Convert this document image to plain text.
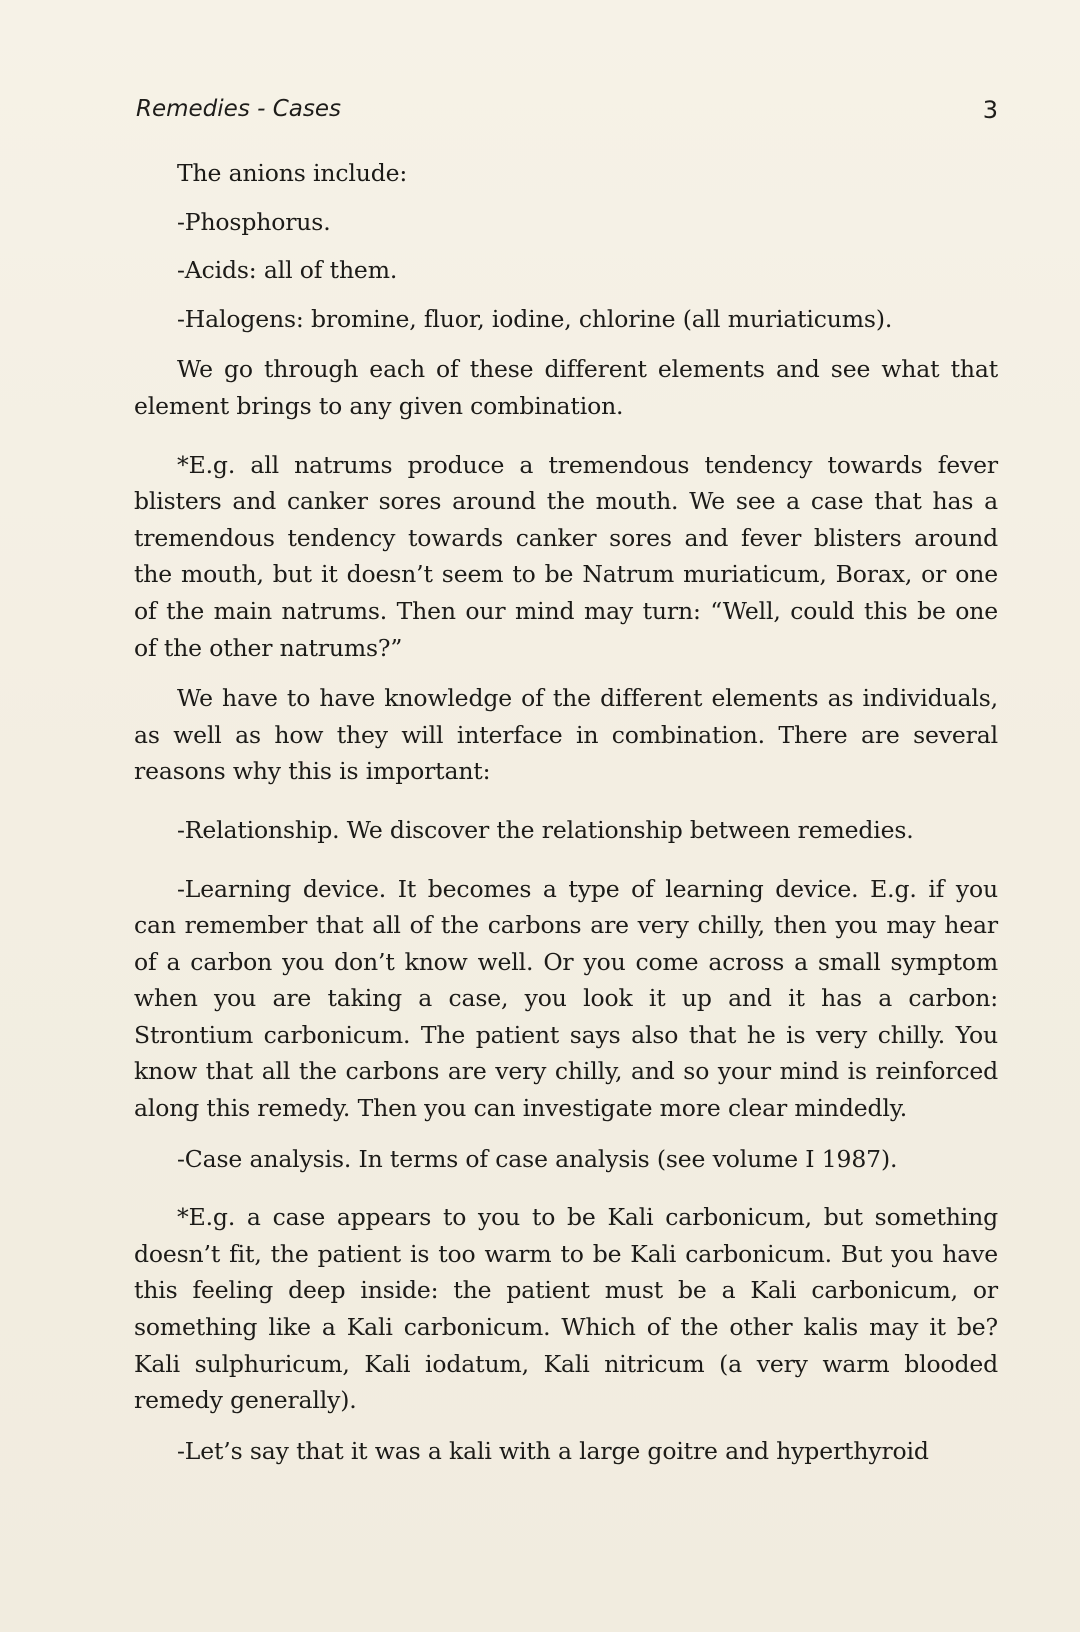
Remedies - Cases	3

The anions include:

-Phosphorus.

-Acids: all of them.

-Halogens: bromine, fluor, iodine, chlorine (all muriaticums).

We go through each of these different elements and see what that element brings to any given combination.

*E.g. all natrums produce a tremendous tendency towards fever blisters and canker sores around the mouth. We see a case that has a tremendous tendency towards canker sores and fever blisters around the mouth, but it doesn’t seem to be Natrum muriaticum, Borax, or one of the main natrums. Then our mind may turn: “Well, could this be one of the other natrums?”

We have to have knowledge of the different elements as individuals, as well as how they will interface in combination. There are several reasons why this is important:

-Relationship. We discover the relationship between remedies.

-Learning device. It becomes a type of learning device. E.g. if you can remember that all of the carbons are very chilly, then you may hear of a carbon you don’t know well. Or you come across a small symptom when you are taking a case, you look it up and it has a carbon: Strontium carbonicum. The patient says also that he is very chilly. You know that all the carbons are very chilly, and so your mind is reinforced along this remedy. Then you can investigate more clear mindedly.

-Case analysis. In terms of case analysis (see volume I 1987).

*E.g. a case appears to you to be Kali carbonicum, but something doesn’t fit, the patient is too warm to be Kali carbonicum. But you have this feeling deep inside: the patient must be a Kali carbonicum, or something like a Kali carbonicum. Which of the other kalis may it be? Kali sulphuricum, Kali iodatum, Kali nitricum (a very warm blooded remedy generally).

-Let’s say that it was a kali with a large goitre and hyperthyroid
